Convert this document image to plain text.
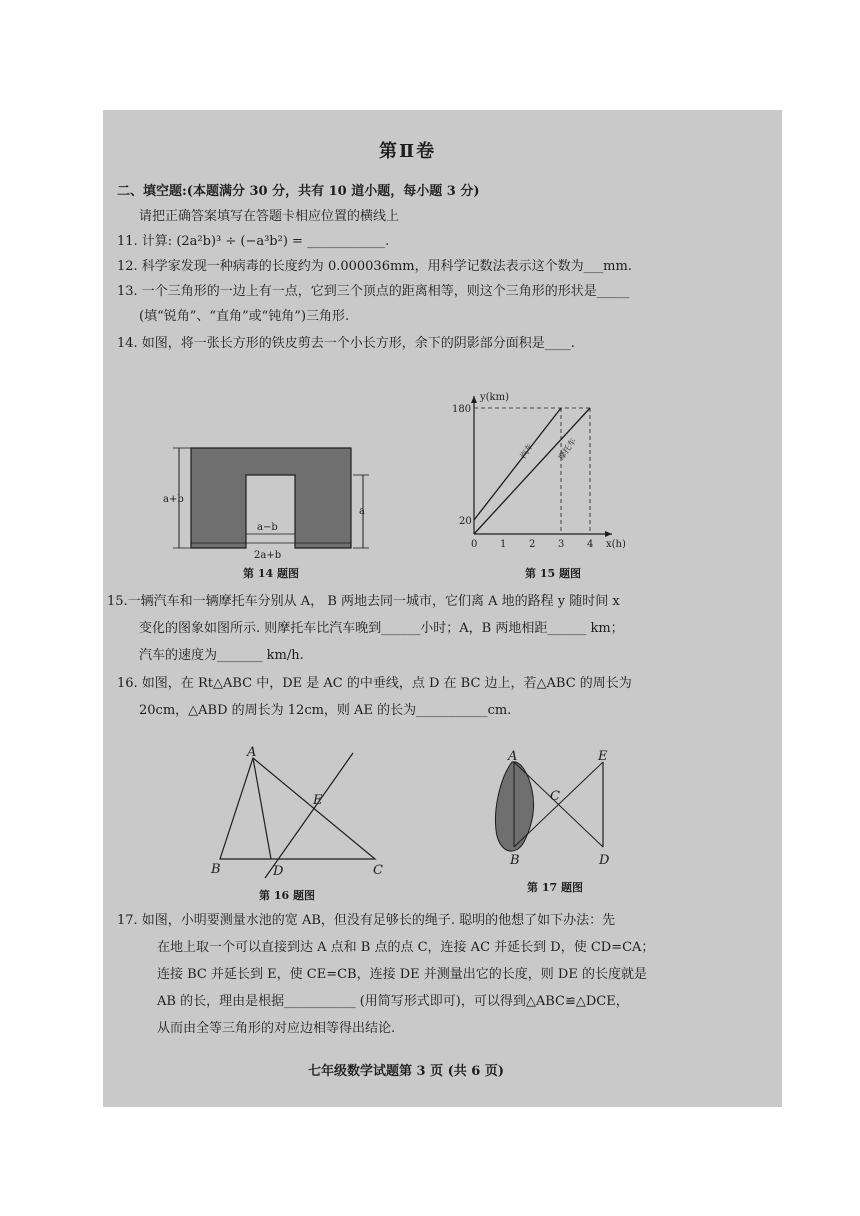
第Ⅱ卷
二、填空题:(本题满分 30 分，共有 10 道小题，每小题 3 分)
请把正确答案填写在答题卡相应位置的横线上
11. 计算: (2a²b)³ ÷ (−a³b²) = ____________.
12. 科学家发现一种病毒的长度约为 0.000036mm，用科学记数法表示这个数为___mm.
13. 一个三角形的一边上有一点，它到三个顶点的距离相等，则这个三角形的形状是_____
(填“锐角”、“直角”或“钝角”)三角形.
14. 如图，将一张长方形的铁皮剪去一个小长方形，余下的阴影部分面积是____.
a+b
a
a−b
2a+b
第 14 题图
180
20
0 1 2 3 4
y(km)
x(h)
汽车	摩托车
第 15 题图
15.一辆汽车和一辆摩托车分别从 A， B 两地去同一城市，它们离 A 地的路程 y 随时间 x
变化的图象如图所示. 则摩托车比汽车晚到______小时；A，B 两地相距______ km；
汽车的速度为_______ km/h.
16. 如图，在 Rt△ABC 中，DE 是 AC 的中垂线，点 D 在 BC 边上，若△ABC 的周长为
20cm，△ABD 的周长为 12cm，则 AE 的长为___________cm.
A
B	C
D
E
第 16 题图
A
B
C
D
E
第 17 题图
17. 如图，小明要测量水池的宽 AB，但没有足够长的绳子. 聪明的他想了如下办法：先
在地上取一个可以直接到达 A 点和 B 点的点 C，连接 AC 并延长到 D，使 CD=CA；
连接 BC 并延长到 E，使 CE=CB，连接 DE 并测量出它的长度，则 DE 的长度就是
AB 的长，理由是根据___________ (用简写形式即可)，可以得到△ABC≌△DCE，
从而由全等三角形的对应边相等得出结论.
七年级数学试题第 3 页 (共 6 页)
